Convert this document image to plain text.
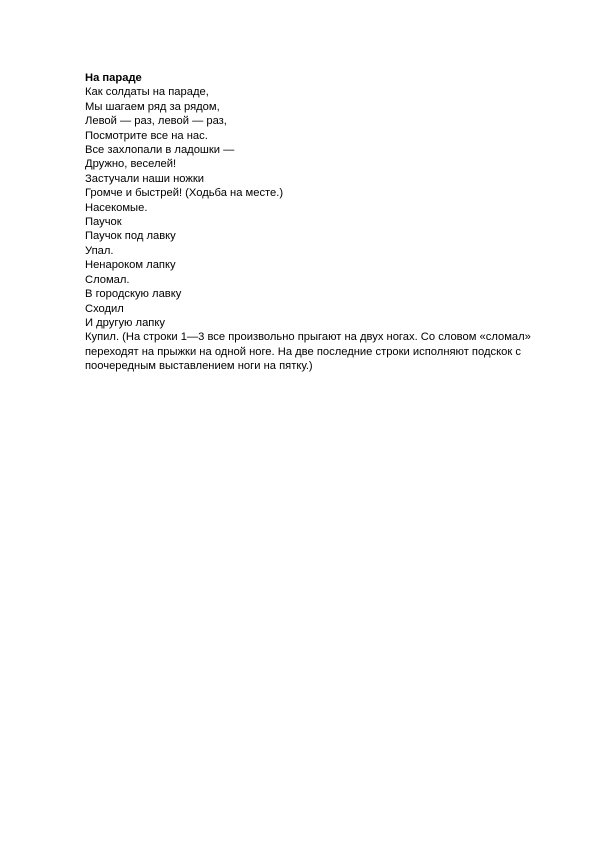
На параде
Как солдаты на параде,
Мы шагаем ряд за рядом,
Левой — раз, левой — раз,
Посмотрите все на нас.
Все захлопали в ладошки —
Дружно, веселей!
Застучали наши ножки
Громче и быстрей! (Ходьба на месте.)
Насекомые.
Паучок
Паучок под лавку
Упал.
Ненароком лапку
Сломал.
В городскую лавку
Сходил
И другую лапку
Купил. (На строки 1—3 все произвольно прыгают на двух ногах. Со словом «сломал» переходят на прыжки на одной ноге. На две последние строки исполняют подскок с поочередным выставлением ноги на пятку.)
